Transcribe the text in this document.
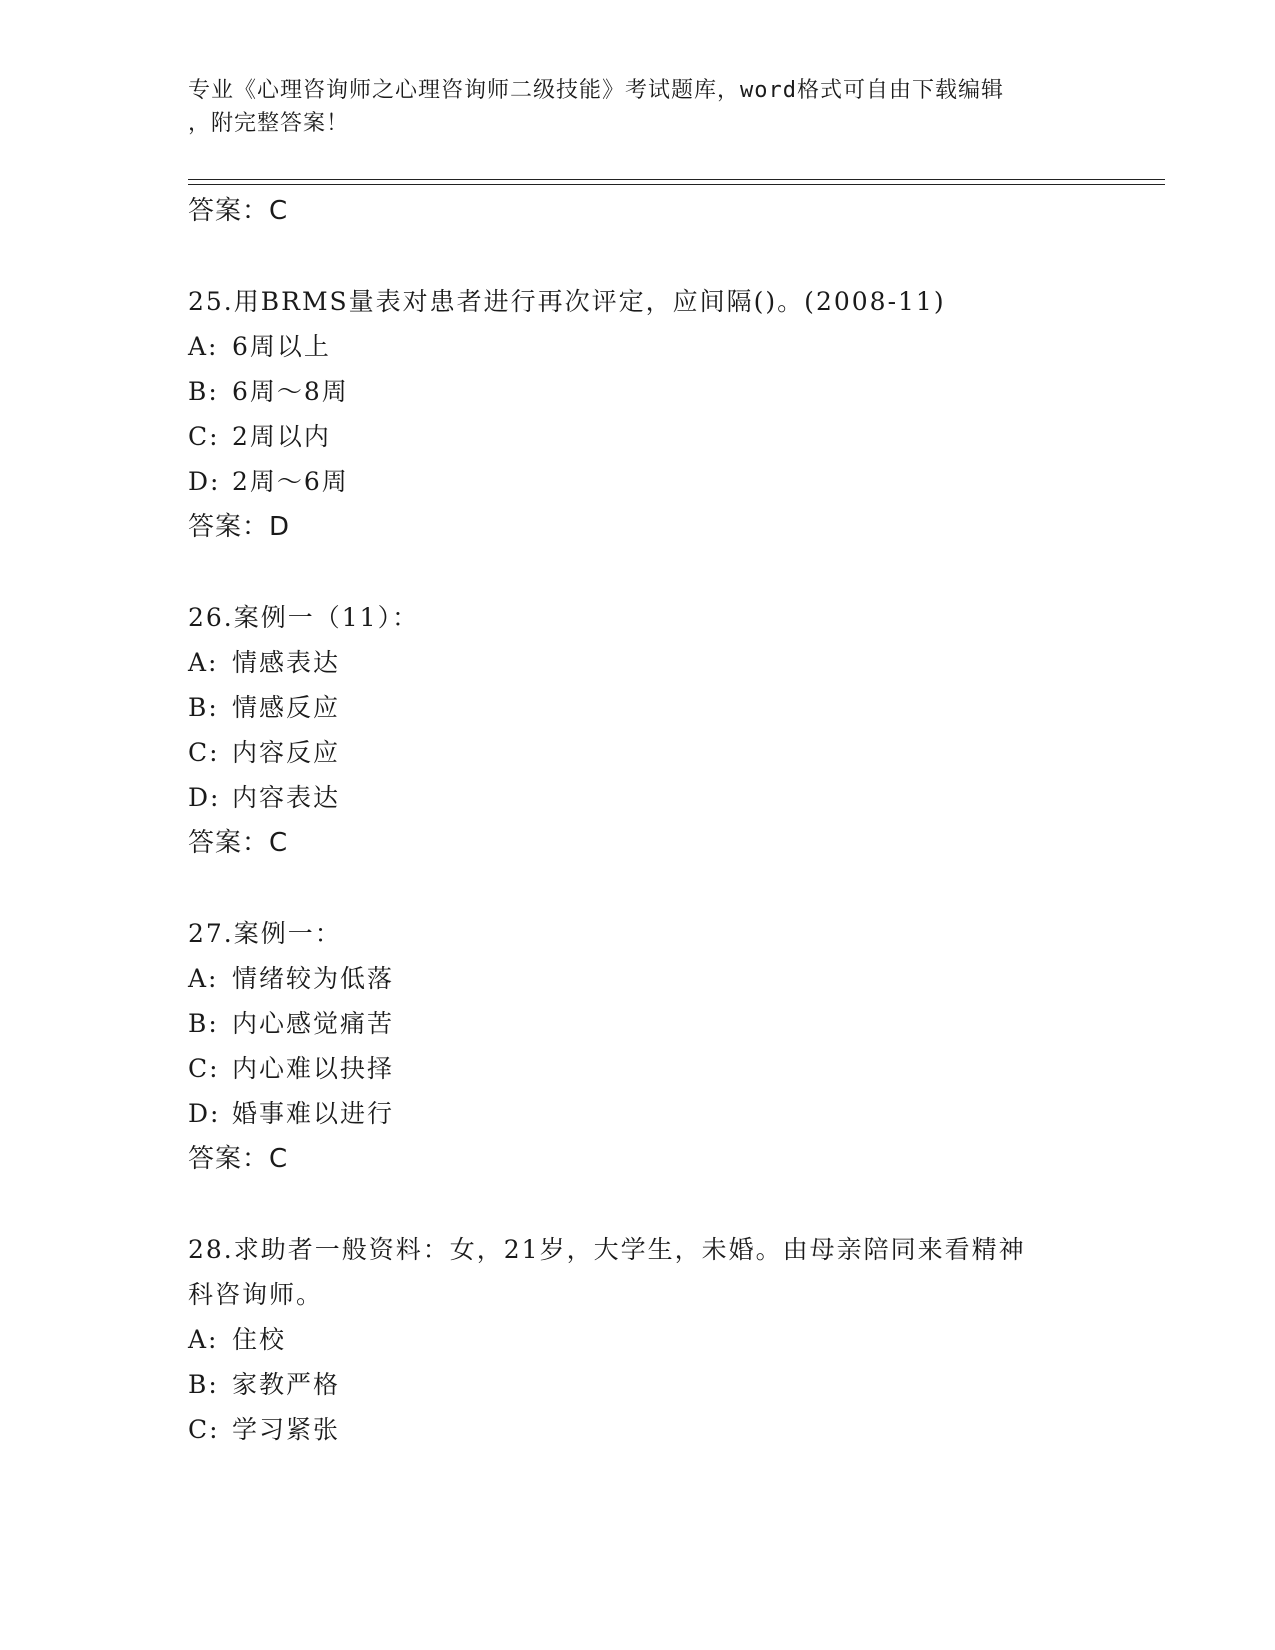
专业《心理咨询师之心理咨询师二级技能》考试题库，word格式可自由下载编辑
，附完整答案！
答案：C
25.用BRMS量表对患者进行再次评定，应间隔()。(2008-11)
A: 6周以上
B: 6周～8周
C: 2周以内
D: 2周～6周
答案：D
26.案例一（11）：
A: 情感表达
B: 情感反应
C: 内容反应
D: 内容表达
答案：C
27.案例一：
A: 情绪较为低落
B: 内心感觉痛苦
C: 内心难以抉择
D: 婚事难以进行
答案：C
28.求助者一般资料：女，21岁，大学生，未婚。由母亲陪同来看精神
科咨询师。
A: 住校
B: 家教严格
C: 学习紧张
